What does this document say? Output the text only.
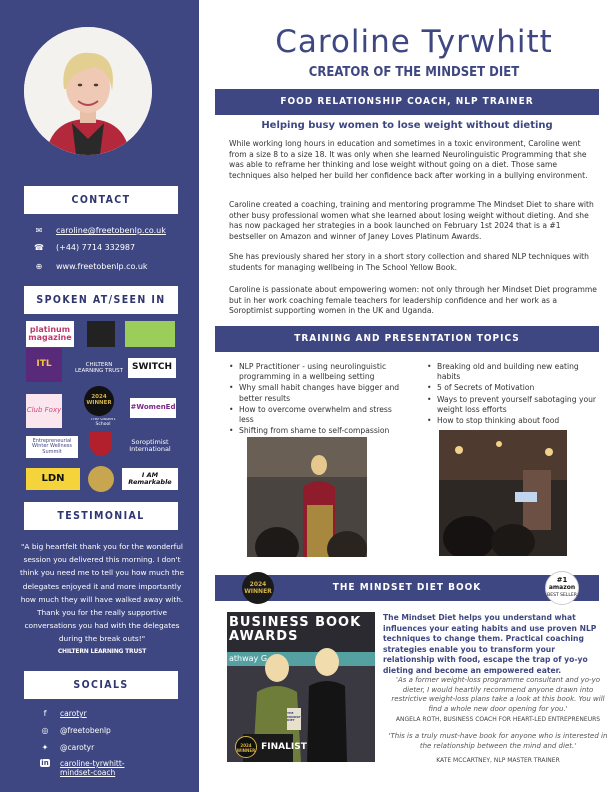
CONTACT
✉ caroline@freetobenlp.co.uk
☎ (+44) 7714 332987
⊕ www.freetobenlp.co.uk
SPOKEN AT/SEEN IN
platinum magazine
ITL	CHILTERN LEARNING TRUST SWITCH
Club Foxy
2024 WINNER
#WomenEd
Entrepreneurial Winter Wellness Summit
The Gilbert School
Soroptimist International
LDN	I AM Remarkable
TESTIMONIAL
"A big heartfelt thank you for the wonderful session you delivered this morning. I don't think you need me to tell you how much the delegates enjoyed it and more importantly how much they will have walked away with. Thank you for the really supportive conversations you had with the delegates during the break outs!"
CHILTERN LEARNING TRUST
SOCIALS
f	carotyr
◎ @freetobenlp
✦ @carotyr
in caroline-tyrwhitt-mindset-coach
Caroline Tyrwhitt
CREATOR OF THE MINDSET DIET
FOOD RELATIONSHIP COACH, NLP TRAINER
Helping busy women to lose weight without dieting
While working long hours in education and sometimes in a toxic environment, Caroline went from a size 8 to a size 18. It was only when she learned Neurolinguistic Programming that she was able to reframe her thinking and lose weight without going on a diet. Those same techniques also helped her build her confidence back after working in a bullying environment.
Caroline created a coaching, training and mentoring programme The Mindset Diet to share with other busy professional women what she learned about losing weight without dieting. And she has now packaged her strategies in a book launched on February 1st 2024 that is a #1 bestseller on Amazon and winner of Janey Loves Platinum Awards.
She has previously shared her story in a short story collection and shared NLP techniques with students for managing wellbeing in The School Yellow Book.
Caroline is passionate about empowering women: not only through her Mindset Diet programme but in her work coaching female teachers for leadership confidence and her work as a Soroptimist supporting women in the UK and Uganda.
TRAINING AND PRESENTATION TOPICS
• NLP Practitioner - using neurolinguistic programming in a wellbeing setting
• Why small habit changes have bigger and better results
• How to overcome overwhelm and stress less
• Shifting from shame to self-compassion
• Breaking old and building new eating habits
• 5 of Secrets of Motivation
• Ways to prevent yourself sabotaging your weight loss efforts
• How to stop thinking about food
THE MINDSET DIET BOOK
2024
WINNER
#1
amazon
BEST SELLER
BUSINESS BOOK AWARDS
athway G
THE MINDSET DIET
2024
WINNER FINALIST
The Mindset Diet helps you understand what influences your eating habits and use proven NLP techniques to change them. Practical coaching strategies enable you to transform your relationship with food, escape the trap of yo-yo dieting and become an empowered eater.
'As a former weight-loss programme consultant and yo-yo dieter, I would heartily recommend anyone drawn into restrictive weight-loss plans take a look at this book. You will find a whole new door opening for you.'
ANGELA ROTH, BUSINESS COACH FOR HEART-LED ENTREPRENEURS
'This is a truly must-have book for anyone who is interested in the relationship between the mind and diet.'
KATE MCCARTNEY, NLP MASTER TRAINER
